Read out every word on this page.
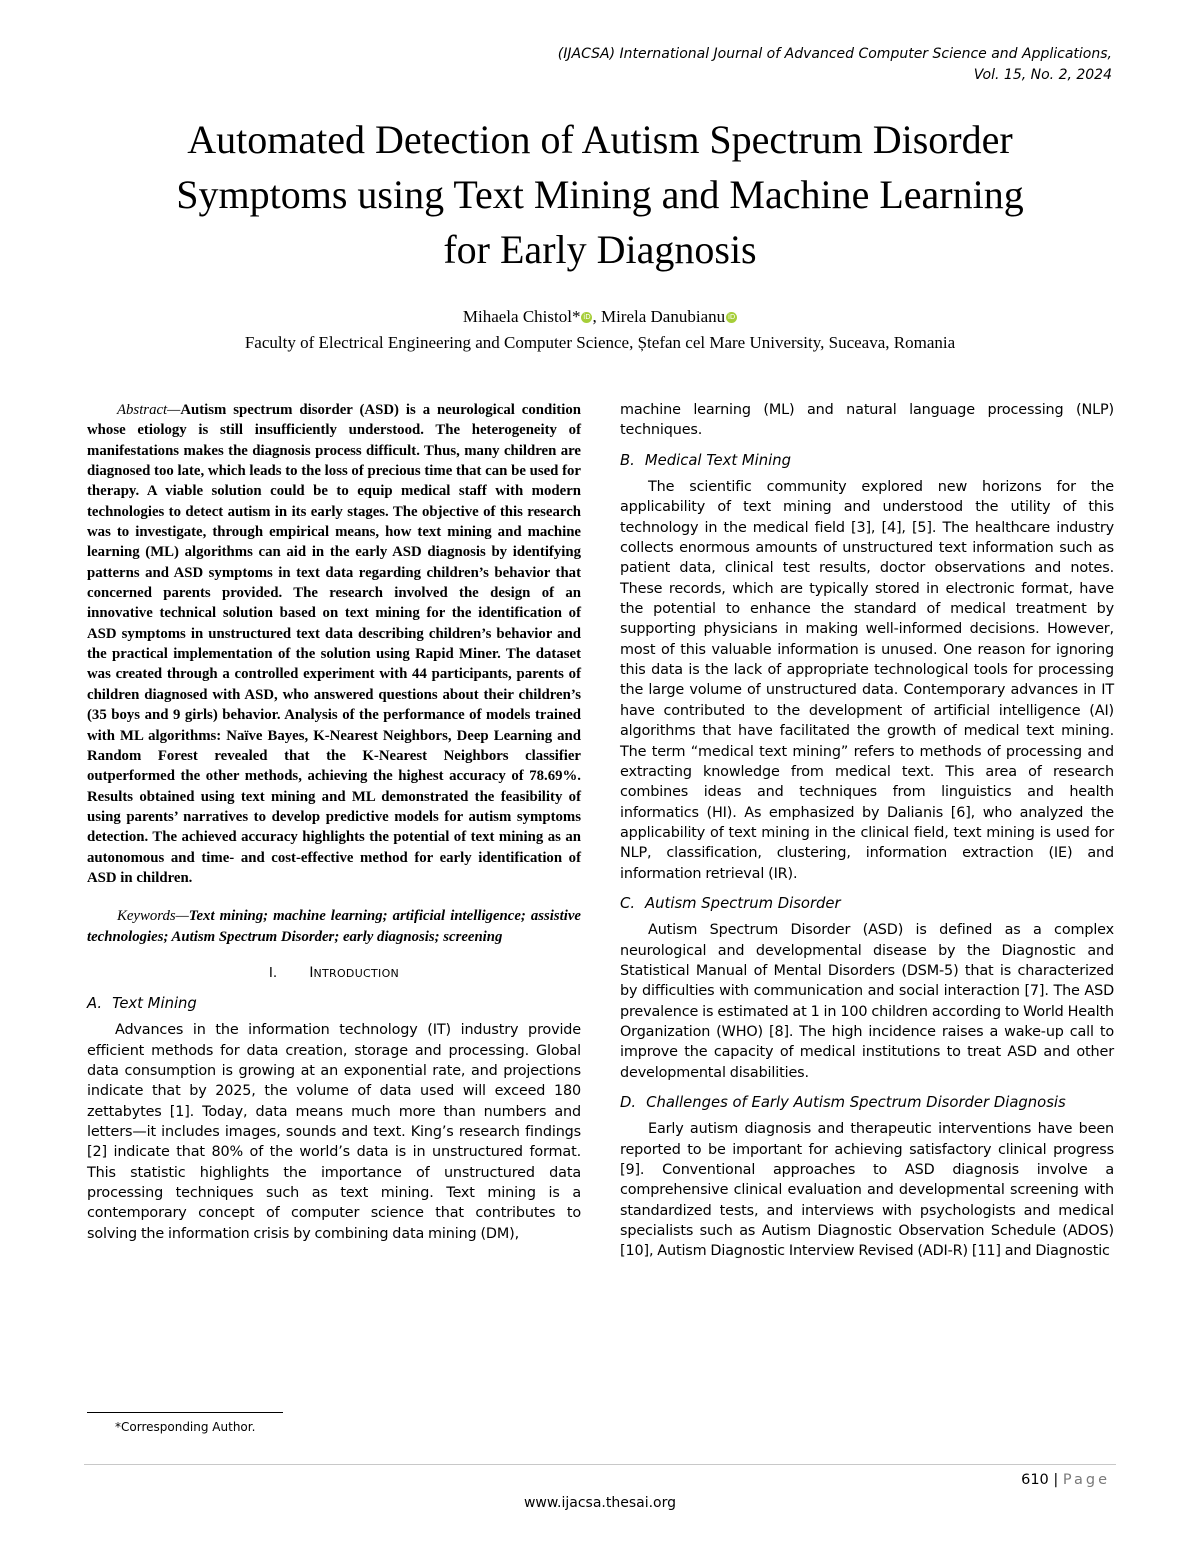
(IJACSA) International Journal of Advanced Computer Science and Applications,
Vol. 15, No. 2, 2024
Automated Detection of Autism Spectrum Disorder
Symptoms using Text Mining and Machine Learning
for Early Diagnosis
Mihaela Chistol* iD , Mirela Danubianu iD
Faculty of Electrical Engineering and Computer Science, Ștefan cel Mare University, Suceava, Romania

Abstract—Autism spectrum disorder (ASD) is a neurological condition whose etiology is still insufficiently understood. The heterogeneity of manifestations makes the diagnosis process difficult. Thus, many children are diagnosed too late, which leads to the loss of precious time that can be used for therapy. A viable solution could be to equip medical staff with modern technologies to detect autism in its early stages. The objective of this research was to investigate, through empirical means, how text mining and machine learning (ML) algorithms can aid in the early ASD diagnosis by identifying patterns and ASD symptoms in text data regarding children’s behavior that concerned parents provided. The research involved the design of an innovative technical solution based on text mining for the identification of ASD symptoms in unstructured text data describing children’s behavior and the practical implementation of the solution using Rapid Miner. The dataset was created through a controlled experiment with 44 participants, parents of children diagnosed with ASD, who answered questions about their children’s (35 boys and 9 girls) behavior. Analysis of the performance of models trained with ML algorithms: Naïve Bayes, K-Nearest Neighbors, Deep Learning and Random Forest revealed that the K-Nearest Neighbors classifier outperformed the other methods, achieving the highest accuracy of 78.69%. Results obtained using text mining and ML demonstrated the feasibility of using parents’ narratives to develop predictive models for autism symptoms detection. The achieved accuracy highlights the potential of text mining as an autonomous and time- and cost-effective method for early identification of ASD in children.

Keywords—Text mining; machine learning; artificial intelligence; assistive technologies; Autism Spectrum Disorder; early diagnosis; screening

I. INTRODUCTION
A. Text Mining

Advances in the information technology (IT) industry provide efficient methods for data creation, storage and processing. Global data consumption is growing at an exponential rate, and projections indicate that by 2025, the volume of data used will exceed 180 zettabytes [1]. Today, data means much more than numbers and letters—it includes images, sounds and text. King’s research findings [2] indicate that 80% of the world’s data is in unstructured format. This statistic highlights the importance of unstructured data processing techniques such as text mining. Text mining is a contemporary concept of computer science that contributes to solving the information crisis by combining data mining (DM),

machine learning (ML) and natural language processing (NLP) techniques.

B. Medical Text Mining

The scientific community explored new horizons for the applicability of text mining and understood the utility of this technology in the medical field [3], [4], [5]. The healthcare industry collects enormous amounts of unstructured text information such as patient data, clinical test results, doctor observations and notes. These records, which are typically stored in electronic format, have the potential to enhance the standard of medical treatment by supporting physicians in making well-informed decisions. However, most of this valuable information is unused. One reason for ignoring this data is the lack of appropriate technological tools for processing the large volume of unstructured data. Contemporary advances in IT have contributed to the development of artificial intelligence (AI) algorithms that have facilitated the growth of medical text mining. The term “medical text mining” refers to methods of processing and extracting knowledge from medical text. This area of research combines ideas and techniques from linguistics and health informatics (HI). As emphasized by Dalianis [6], who analyzed the applicability of text mining in the clinical field, text mining is used for NLP, classification, clustering, information extraction (IE) and information retrieval (IR).

C. Autism Spectrum Disorder

Autism Spectrum Disorder (ASD) is defined as a complex neurological and developmental disease by the Diagnostic and Statistical Manual of Mental Disorders (DSM-5) that is characterized by difficulties with communication and social interaction [7]. The ASD prevalence is estimated at 1 in 100 children according to World Health Organization (WHO) [8]. The high incidence raises a wake-up call to improve the capacity of medical institutions to treat ASD and other developmental disabilities.

D. Challenges of Early Autism Spectrum Disorder Diagnosis

Early autism diagnosis and therapeutic interventions have been reported to be important for achieving satisfactory clinical progress [9]. Conventional approaches to ASD diagnosis involve a comprehensive clinical evaluation and developmental screening with standardized tests, and interviews with psychologists and medical specialists such as Autism Diagnostic Observation Schedule (ADOS) [10], Autism Diagnostic Interview Revised (ADI-R) [11] and Diagnostic

*Corresponding Author.
610 | Page
www.ijacsa.thesai.org
